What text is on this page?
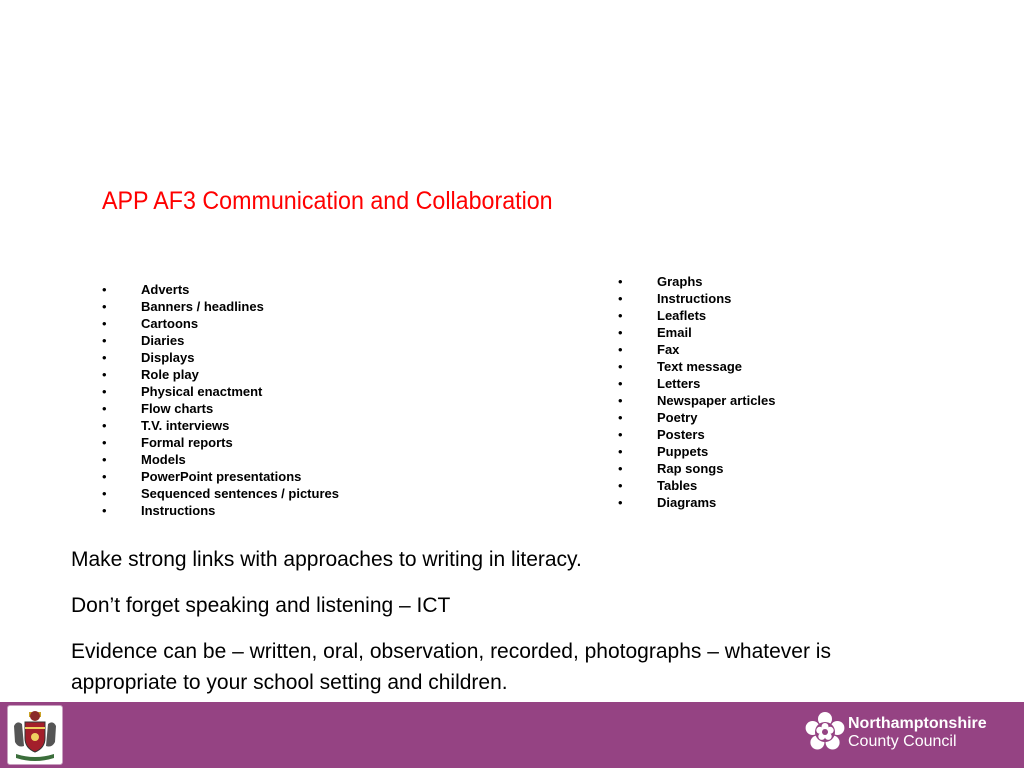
APP AF3 Communication and Collaboration
•	Adverts
•	Banners / headlines
•	Cartoons
•	Diaries
•	Displays
•	Role play
•	Physical enactment
•	Flow charts
•	T.V. interviews
•	Formal reports
•	Models
•	PowerPoint presentations
•	Sequenced sentences / pictures
•	Instructions
•	Graphs
•	Instructions
•	Leaflets
•	Email
•	Fax
•	Text message
•	Letters
•	Newspaper articles
•	Poetry
•	Posters
•	Puppets
•	Rap songs
•	Tables
•	Diagrams

Make strong links with approaches to writing in literacy.

Don’t forget speaking and listening – ICT

Evidence can be – written, oral, observation, recorded, photographs – whatever is appropriate to your school setting and children.

Northamptonshire
County Council
